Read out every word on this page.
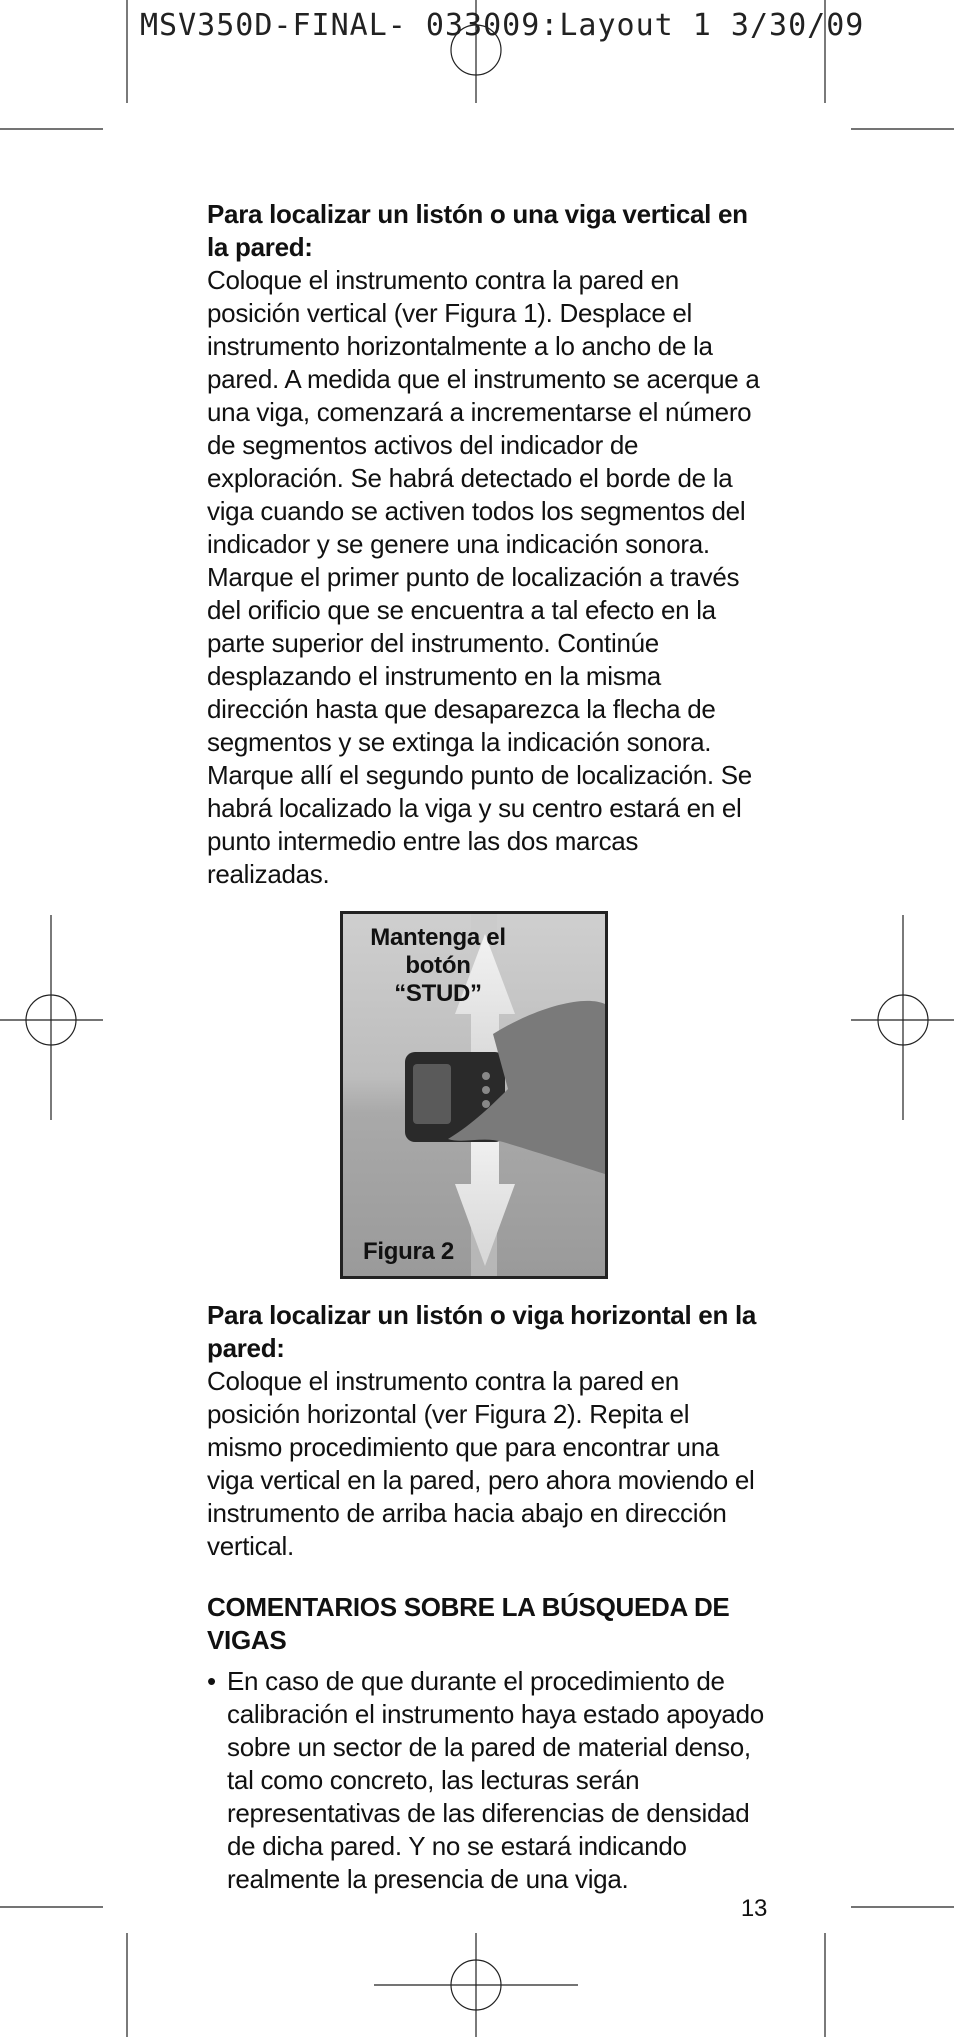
MSV350D-FINAL- 033009:Layout 1 3/30/09

Para localizar un listón o una viga vertical en la pared:

Coloque el instrumento contra la pared en posición vertical (ver Figura 1). Desplace el instrumento horizontalmente a lo ancho de la pared. A medida que el instrumento se acerque a una viga, comenzará a incrementarse el número de segmentos activos del indicador de exploración. Se habrá detectado el borde de la viga cuando se activen todos los segmentos del indicador y se genere una indicación sonora. Marque el primer punto de localización a través del orificio que se encuentra a tal efecto en la parte superior del instrumento. Continúe desplazando el instrumento en la misma dirección hasta que desaparezca la flecha de segmentos y se extinga la indicación sonora. Marque allí el segundo punto de localización. Se habrá localizado la viga y su centro estará en el punto intermedio entre las dos marcas realizadas.

Mantenga el botón “STUD”
Figura 2

Para localizar un listón o viga horizontal en la pared:

Coloque el instrumento contra la pared en posición horizontal (ver Figura 2). Repita el mismo procedimiento que para encontrar una viga vertical en la pared, pero ahora moviendo el instrumento de arriba hacia abajo en dirección vertical.

COMENTARIOS SOBRE LA BÚSQUEDA DE VIGAS

• En caso de que durante el procedimiento de calibración el instrumento haya estado apoyado sobre un sector de la pared de material denso, tal como concreto, las lecturas serán representativas de las diferencias de densidad de dicha pared. Y no se estará indicando realmente la presencia de una viga.
13
